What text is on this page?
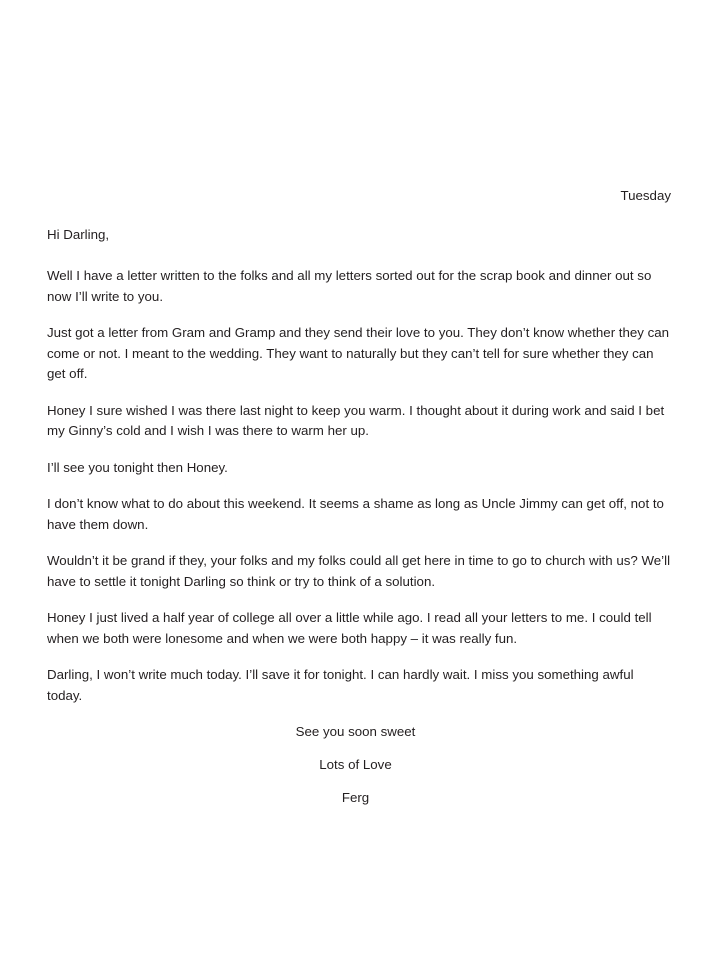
Tuesday

Hi Darling,

Well I have a letter written to the folks and all my letters sorted out for the scrap book and dinner out so now I’ll write to you.

Just got a letter from Gram and Gramp and they send their love to you. They don’t know whether they can come or not. I meant to the wedding. They want to naturally but they can’t tell for sure whether they can get off.

Honey I sure wished I was there last night to keep you warm. I thought about it during work and said I bet my Ginny’s cold and I wish I was there to warm her up.

I’ll see you tonight then Honey.

I don’t know what to do about this weekend. It seems a shame as long as Uncle Jimmy can get off, not to have them down.

Wouldn’t it be grand if they, your folks and my folks could all get here in time to go to church with us? We’ll have to settle it tonight Darling so think or try to think of a solution.

Honey I just lived a half year of college all over a little while ago. I read all your letters to me. I could tell when we both were lonesome and when we were both happy – it was really fun.

Darling, I won’t write much today. I’ll save it for tonight. I can hardly wait. I miss you something awful today.

See you soon sweet

Lots of Love

Ferg
